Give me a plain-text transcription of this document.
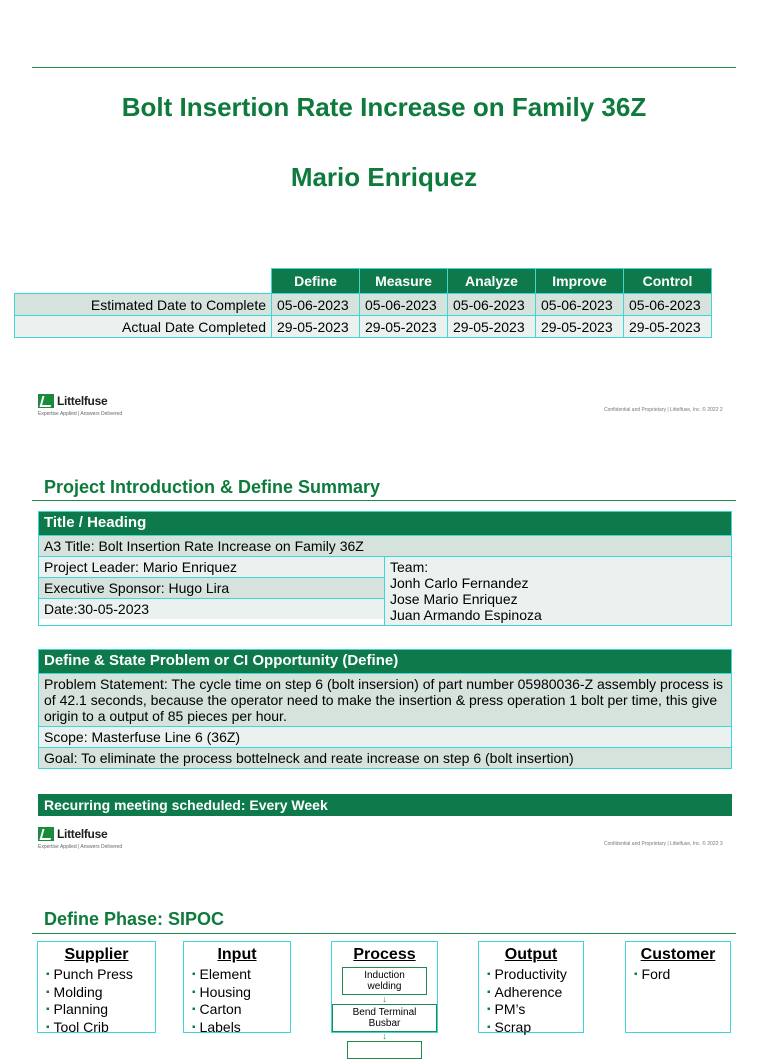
Bolt Insertion Rate Increase on Family 36Z
Mario Enriquez
	Define	Measure	Analyze	Improve	Control
Estimated Date to Complete	05-06-2023	05-06-2023	05-06-2023	05-06-2023	05-06-2023
Actual Date Completed	29-05-2023	29-05-2023	29-05-2023	29-05-2023	29-05-2023
Littelfuse
Expertise Applied | Answers Delivered
Confidential and Proprietary | Littelfuse, Inc. © 2022 2
Project Introduction & Define Summary
Title / Heading
A3 Title: Bolt Insertion Rate Increase on Family 36Z
Project Leader: Mario Enriquez
Executive Sponsor: Hugo Lira
Date:30-05-2023
Team:
Jonh Carlo Fernandez
Jose Mario Enriquez
Juan Armando Espinoza
Define & State Problem or CI Opportunity (Define)
Problem Statement: The cycle time on step 6 (bolt insersion) of part number 05980036-Z assembly process is of 42.1 seconds, because the operator need to make the insertion & press operation 1 bolt per time, this give origin to a output of 85 pieces per hour.
Scope: Masterfuse Line 6 (36Z)
Goal: To eliminate the process bottelneck and reate increase on step 6 (bolt insertion)
Recurring meeting scheduled: Every Week
Littelfuse
Expertise Applied | Answers Delivered	Confidential and Proprietary | Littelfuse, Inc. © 2022 3
Define Phase: SIPOC
Supplier
▪ Punch Press
▪ Molding
▪ Planning
▪ Tool Crib
Input
▪ Element
▪ Housing
▪ Carton
▪ Labels
Process
Induction welding
↓
Bend Terminal Busbar
↓
Output
▪ Productivity
▪ Adherence
▪ PM’s
▪ Scrap
Customer
▪ Ford
